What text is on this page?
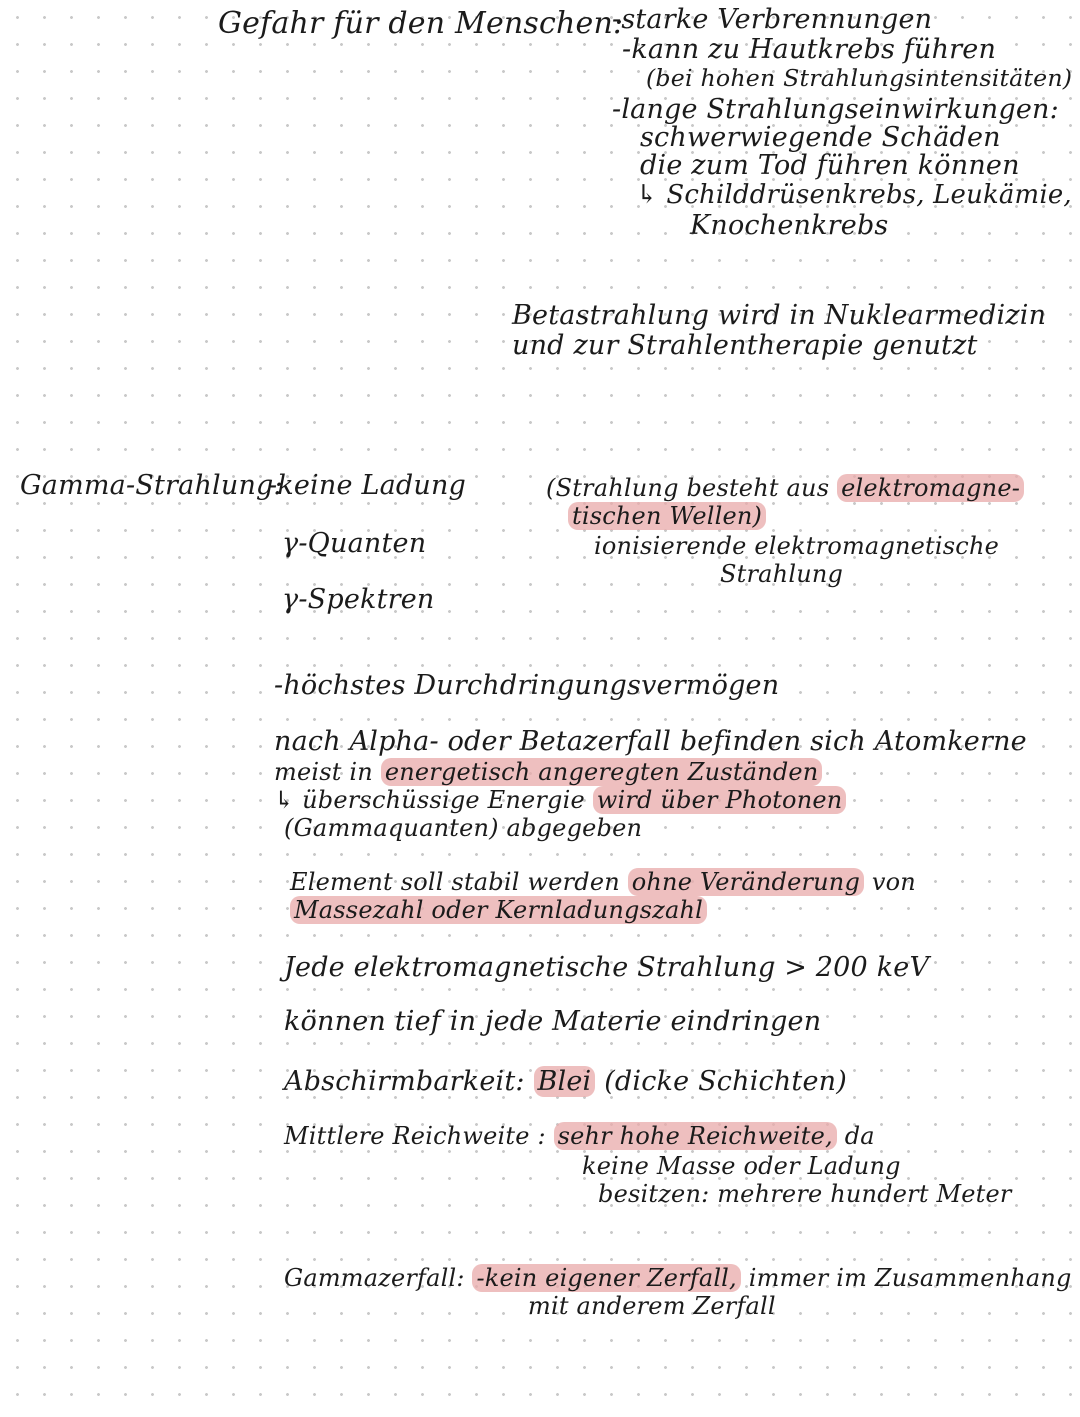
Gefahr für den Menschen:
-starke Verbrennungen
-kann zu Hautkrebs führen
(bei hohen Strahlungsintensitäten)
-lange Strahlungseinwirkungen:
schwerwiegende Schäden
die zum Tod führen können
↳ Schilddrüsenkrebs, Leukämie,
Knochenkrebs
Betastrahlung wird in Nuklearmedizin
und zur Strahlentherapie genutzt
Gamma-Strahlung:
-keine Ladung
γ-Quanten
γ-Spektren
(Strahlung besteht aus elektromagne-
tischen Wellen)
ionisierende elektromagnetische
Strahlung
-höchstes Durchdringungsvermögen
nach Alpha- oder Betazerfall befinden sich Atomkerne
meist in energetisch angeregten Zuständen
↳ überschüssige Energie wird über Photonen
(Gammaquanten) abgegeben
Element soll stabil werden ohne Veränderung von
Massezahl oder Kernladungszahl
Jede elektromagnetische Strahlung > 200 keV
können tief in jede Materie eindringen
Abschirmbarkeit: Blei (dicke Schichten)
Mittlere Reichweite : sehr hohe Reichweite, da
keine Masse oder Ladung
besitzen: mehrere hundert Meter
Gammazerfall: -kein eigener Zerfall, immer im Zusammenhang
mit anderem Zerfall
